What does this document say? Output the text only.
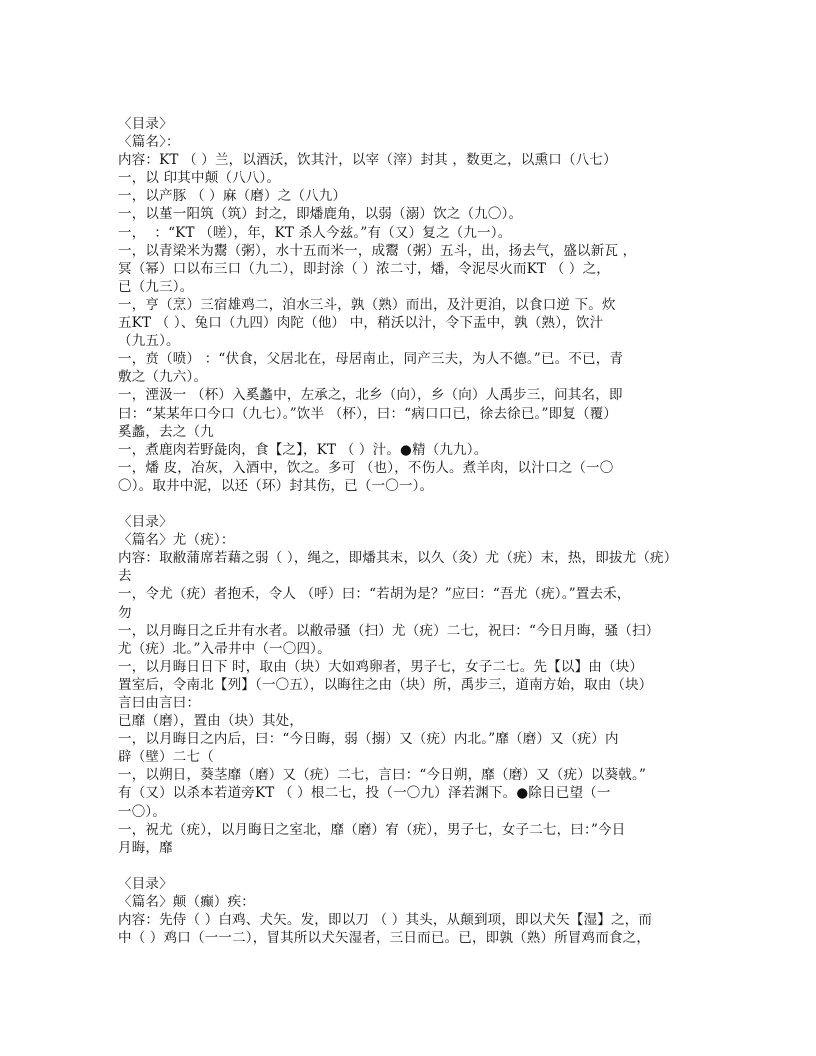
〈目录〉
〈篇名〉：
内容：KT （ ）兰，以酒沃，饮其汁，以宰（滓）封其 ，数更之，以熏口（八七）
一，以 印其中颠（八八）。
一，以产豚 （ ）麻（磨）之（八九）
一，以堇一阳筑（筑）封之，即燔鹿角，以弱（溺）饮之（九〇）。
一，  ：“KT （嗟），年，KT 杀人今兹。”有（又）复之（九一）。
一，以青梁米为鬻（粥），水十五而米一，成鬻（粥）五斗，出，扬去气，盛以新瓦 ，
冥（幂）口以布三口（九二），即封涂（ ）浓二寸，燔，令泥尽火而KT （ ）之，
已（九三）。
一，亨（烹）三宿雄鸡二，洎水三斗，孰（熟）而出，及汁更洎，以食口逆 下。炊
五KT （ ）、兔口（九四）肉陀（他） 中，稍沃以汁，令下盂中，孰（熟），饮汁
（九五）。
一，贲（喷） ：“伏食，父居北在，母居南止，同产三夫，为人不德。”已。不已，青
敷之（九六）。
一，湮汲一 （杯）入奚蠡中，左承之，北乡（向），乡（向）人禹步三，问其名，即
曰：“某某年口今口（九七）。”饮半 （杯），曰：“病口口已，徐去徐已。”即复（覆）
奚蠡，去之（九
一，煮鹿肉若野彘肉，食【之】，KT （ ）汁。●精（九九）。
一，燔 皮，冶灰，入酒中，饮之。多可 （也），不伤人。煮羊肉，以汁口之（一〇
〇）。取井中泥，以还（环）封其伤，已（一〇一）。
〈目录〉
〈篇名〉尤（疣）：
内容：取敝蒲席若藉之弱（ ），绳之，即燔其末，以久（灸）尤（疣）末，热，即拔尤（疣）
去
一，令尤（疣）者抱禾，令人 （呼）曰：“若胡为是？”应曰：“吾尤（疣）。”置去禾，
勿
一，以月晦日之丘井有水者。以敝帚骚（扫）尤（疣）二七，祝曰：“今日月晦，骚（扫）
尤（疣）北。”入帚井中（一〇四）。
一，以月晦日日下 时，取由（块）大如鸡卵者，男子七，女子二七。先【以】由（块）
置室后，令南北【列】（一〇五），以晦往之由（块）所，禹步三，道南方始，取由（块）
言曰由言曰：
已靡（磨），置由（块）其处，
一，以月晦日之内后，曰：“今日晦，弱（搦）又（疣）内北。”靡（磨）又（疣）内
辟（壁）二七（
一，以朔日，葵茎靡（磨）又（疣）二七，言曰：“今日朔，靡（磨）又（疣）以葵戟。”
有（又）以杀本若道旁KT （ ）根二七，投（一〇九）泽若渊下。●除日已望（一
一〇）。
一，祝尤（疣），以月晦日之室北，靡（磨）宥（疣），男子七，女子二七，曰：”今日
月晦，靡
〈目录〉
〈篇名〉颠（癫）疾：
内容：先侍（ ）白鸡、犬矢。发，即以刀 （ ）其头，从颠到项，即以犬矢【湿】之，而
中（ ）鸡口（一一二），冒其所以犬矢湿者，三日而已。已，即孰（熟）所冒鸡而食之，
